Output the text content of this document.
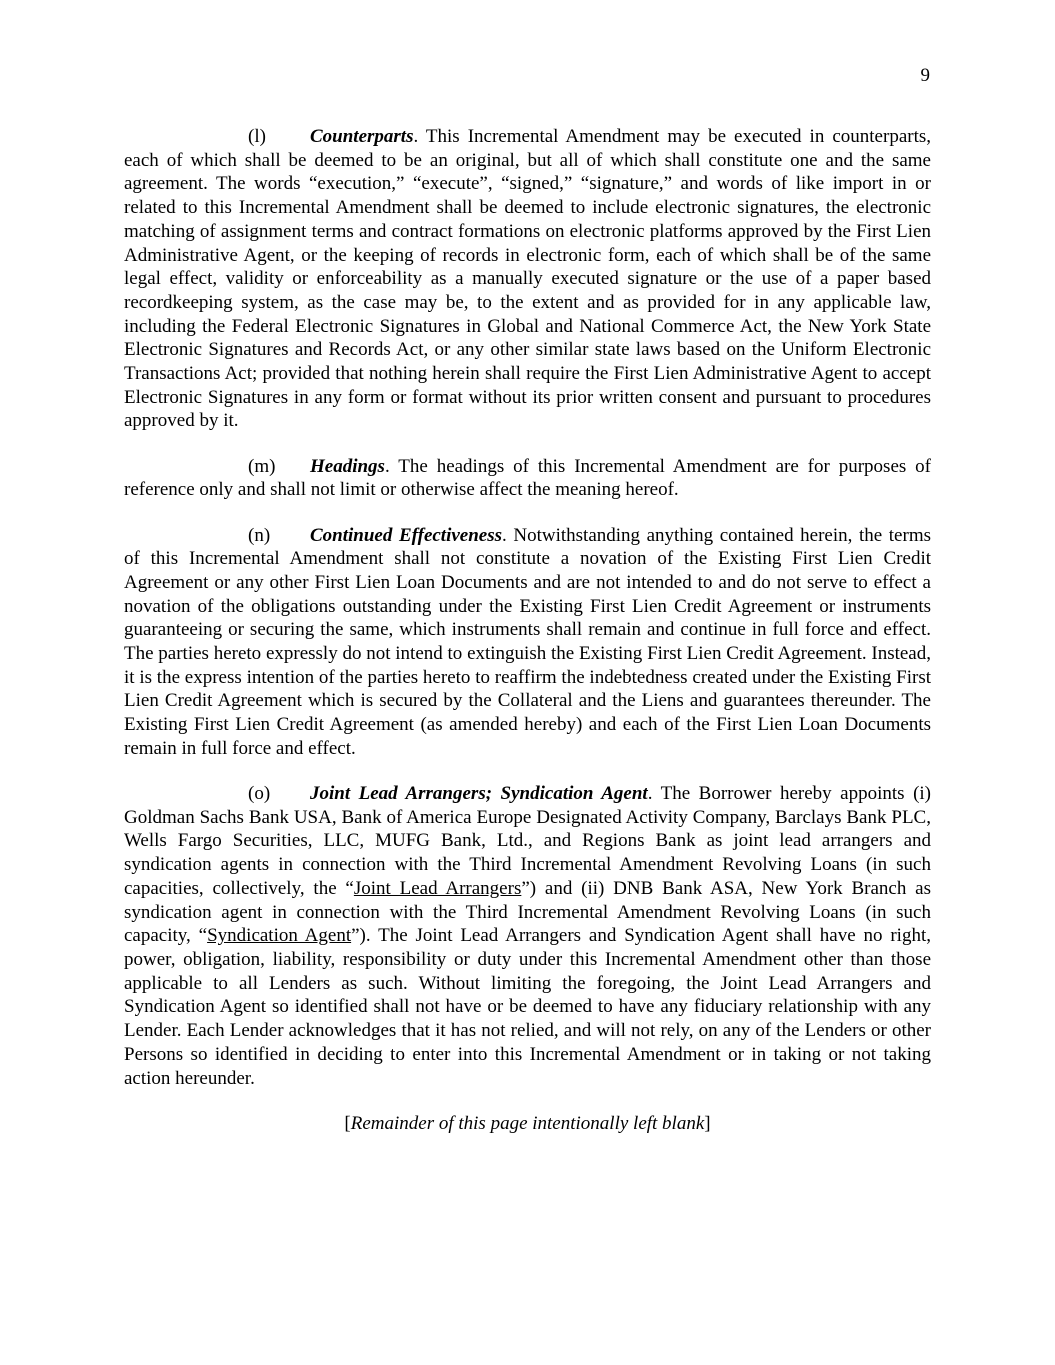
9

(l) Counterparts. This Incremental Amendment may be executed in counterparts, each of which shall be deemed to be an original, but all of which shall constitute one and the same agreement. The words “execution,” “execute”, “signed,” “signature,” and words of like import in or related to this Incremental Amendment shall be deemed to include electronic signatures, the electronic matching of assignment terms and contract formations on electronic platforms approved by the First Lien Administrative Agent, or the keeping of records in electronic form, each of which shall be of the same legal effect, validity or enforceability as a manually executed signature or the use of a paper based recordkeeping system, as the case may be, to the extent and as provided for in any applicable law, including the Federal Electronic Signatures in Global and National Commerce Act, the New York State Electronic Signatures and Records Act, or any other similar state laws based on the Uniform Electronic Transactions Act; provided that nothing herein shall require the First Lien Administrative Agent to accept Electronic Signatures in any form or format without its prior written consent and pursuant to procedures approved by it.

(m) Headings. The headings of this Incremental Amendment are for purposes of reference only and shall not limit or otherwise affect the meaning hereof.

(n) Continued Effectiveness. Notwithstanding anything contained herein, the terms of this Incremental Amendment shall not constitute a novation of the Existing First Lien Credit Agreement or any other First Lien Loan Documents and are not intended to and do not serve to effect a novation of the obligations outstanding under the Existing First Lien Credit Agreement or instruments guaranteeing or securing the same, which instruments shall remain and continue in full force and effect. The parties hereto expressly do not intend to extinguish the Existing First Lien Credit Agreement. Instead, it is the express intention of the parties hereto to reaffirm the indebtedness created under the Existing First Lien Credit Agreement which is secured by the Collateral and the Liens and guarantees thereunder. The Existing First Lien Credit Agreement (as amended hereby) and each of the First Lien Loan Documents remain in full force and effect.

(o) Joint Lead Arrangers; Syndication Agent. The Borrower hereby appoints (i) Goldman Sachs Bank USA, Bank of America Europe Designated Activity Company, Barclays Bank PLC, Wells Fargo Securities, LLC, MUFG Bank, Ltd., and Regions Bank as joint lead arrangers and syndication agents in connection with the Third Incremental Amendment Revolving Loans (in such capacities, collectively, the “Joint Lead Arrangers”) and (ii) DNB Bank ASA, New York Branch as syndication agent in connection with the Third Incremental Amendment Revolving Loans (in such capacity, “Syndication Agent”). The Joint Lead Arrangers and Syndication Agent shall have no right, power, obligation, liability, responsibility or duty under this Incremental Amendment other than those applicable to all Lenders as such. Without limiting the foregoing, the Joint Lead Arrangers and Syndication Agent so identified shall not have or be deemed to have any fiduciary relationship with any Lender. Each Lender acknowledges that it has not relied, and will not rely, on any of the Lenders or other Persons so identified in deciding to enter into this Incremental Amendment or in taking or not taking action hereunder.

[Remainder of this page intentionally left blank]
